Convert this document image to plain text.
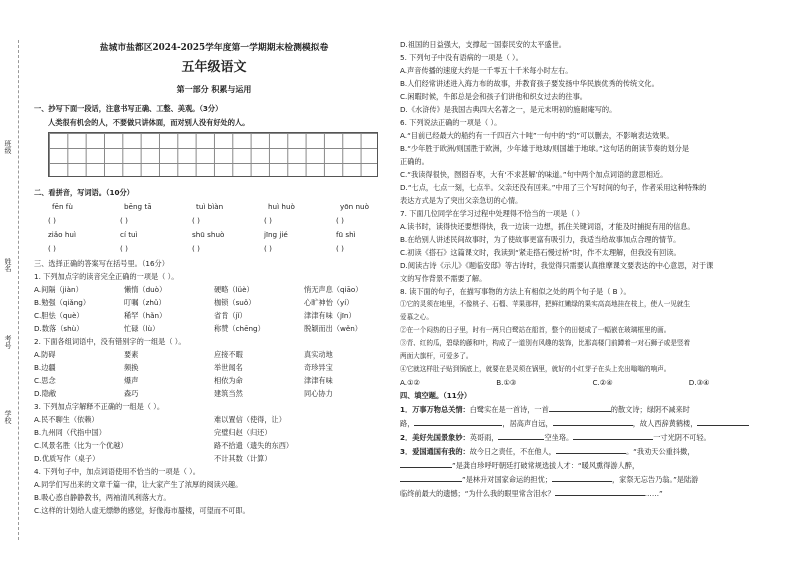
班级
姓名
考号
学校
盐城市盐都区2024-2025学年度第一学期期末检测模拟卷
五年级语文
第一部分 积累与运用
一、抄写下面一段话，注意书写正确、工整、美观。（3分）
人类很有机会的人，不要做只讲体面，而对别人没有好处的人。
二、看拼音，写词语。（10分）
fēn fù	bēng tā	tuì bìàn	huì huò	yōn nuò
( )	( )	( )	( )	( )
ziǎo huì	cí tuì	shū shuò	jīng jié	fū shì
( )	( )	( )	( )	( )
三、选择正确的答案写在括号里。（16分）
1. 下列加点字的读音完全正确的一项是（ ）。
A.间隔（jiàn）	懒惰（duò）	硬略（lüè）	悄无声息（qiāo）
B.勉强（qiǎng）	叮嘱（zhǔ）	枷锁（suǒ）	心旷神怡（yí）
C.胆怯（què）	稀罕（hǎn）	省肯（jǐ）	津津有味（jīn）
D.数落（shù）	忙碌（lù）	称赞（chēng）	脱颖而出（wěn）
2. 下面各组词语中，没有错别字的一组是（ ）。
A.防碍	要素	应接不暇	真实动地
B.边疆	频换	举世闻名	奇珍异宝
C.思念	爆声	相依为命	津津有味
D.隐敝	森巧	建筑当然	同心协力
3. 下列加点字解释不正确的一组是（ ）。
A.民不聊生（依赖）	难以置信（使得，让）
B.九州同（代指中国）	完璧归赵（归还）
C.风景名胜（比为一个优越）	路不拾遗（遗失的东西）
D.优质写作（桌子）	不计其数（计算）
4. 下列句子中，加点词语使用不恰当的一项是（ ）。
A.同学们写出来的文章千篇一律，让大家产生了浓厚的阅读兴趣。
B.吸心惑自静静教书，两袖清风利落大方。
C.这样的计划给人虚无缥缈的感觉，好像海市蜃楼，可望而不可即。
D.祖国的日益强大，支撑起一国泰民安的太平盛世。
5. 下列句子中没有语病的一项是（ ）。
A.声音传播的速度大约是一千零五十千米每小时左右。
B.人们经常讲述进入海力布的故事，并教育孩子要发扬中华民族优秀的传统文化。
C.闲暇时候，牛郎总是会和孩子们讲他和织女过去的往事。
D.《水浒传》是我国古典四大名著之一，是元末明初的施耐庵写的。
6. 下列说法正确的一项是（ ）。
A.“目前已经最大的船约有一千四百六十吨”一句中的“约”可以删去，不影响表达效果。
B.“少年胜于欧洲/则国胜于欧洲，少年雄于地球/则国雄于地球。”这句话的朗读节奏的划分是
正确的。
C.“我读得很快，囫囵吞枣，大有‘不求甚解’的味道。”句中两个加点词语的意思相近。
D.“七点，七点一刻，七点半。父亲还没有回来。”中用了三个写时间的句子，作者采用这种特殊的
表达方式是为了突出父亲急切的心情。
7. 下面几位同学在学习过程中处理得不恰当的一项是（ ）
A.读书时，读得快还要想得快，我一边读一边想，抓住关键词语，才能及时捕捉有用的信息。
B.在给别人讲述民间故事时，为了使故事更富有吸引力，我适当给故事加点合理的情节。
C.初读《搭石》这篇课文时，我读到“紧走搭石慢过桥”时，作不太理解，但我没有回读。
D.阅读古诗《示儿》《题临安邸》等古诗时，我觉得只需要认真推摩课文要表达的中心意思，对于课
文的写作背景不需要了解。
8. 读下面的句子，在描写事物的方法上有相似之处的两个句子是（ B ）。
①它的灵须在地里，不像桃子、石榴、苹果那样，把鲜红嫩绿的果实高高地挂在枝上，使人一见就生
爱慕之心。
②在一个闷热的日子里，时有一两只白鹭站在船首，整个的田便成了一幅嵌在玻璃框里的画。
③青、红的瓜，碧绿的藤和叶，构成了一道别有风趣的装饰，比那高楼门前蹲着一对石狮子或是竖着
两面大旗杆，可爱多了。
④它就这样肚子贴到锅底上，就要在是灵须在锅里，就好的小红芽子在头上充出嗡嗡的响声。
A.①②	B.①③	C.②④	D.③④
四、填空题。（11分）
1．万事万物总关情：白鹭实在是一首诗，一首	的散文诗；绿阴不减来时
路，	，居高声自远，	，故人西辞黄鹤楼，
2．美好先国景象妙：英哥雨，	空坐珞。	一寸光阴不可轻。
3．爱国通国有我的：故今日之责任，不在他人，	。“我劝天公重抖擞，
”是龚自珍呼吁朝廷打破常规选拔人才：“暖风熏得游人醉，
”是林升对国家命运的担忧；	，家祭无忘告乃翁。”是陆游
临终前最大的遗憾；“为什么我的眼里常含泪水？	……”
